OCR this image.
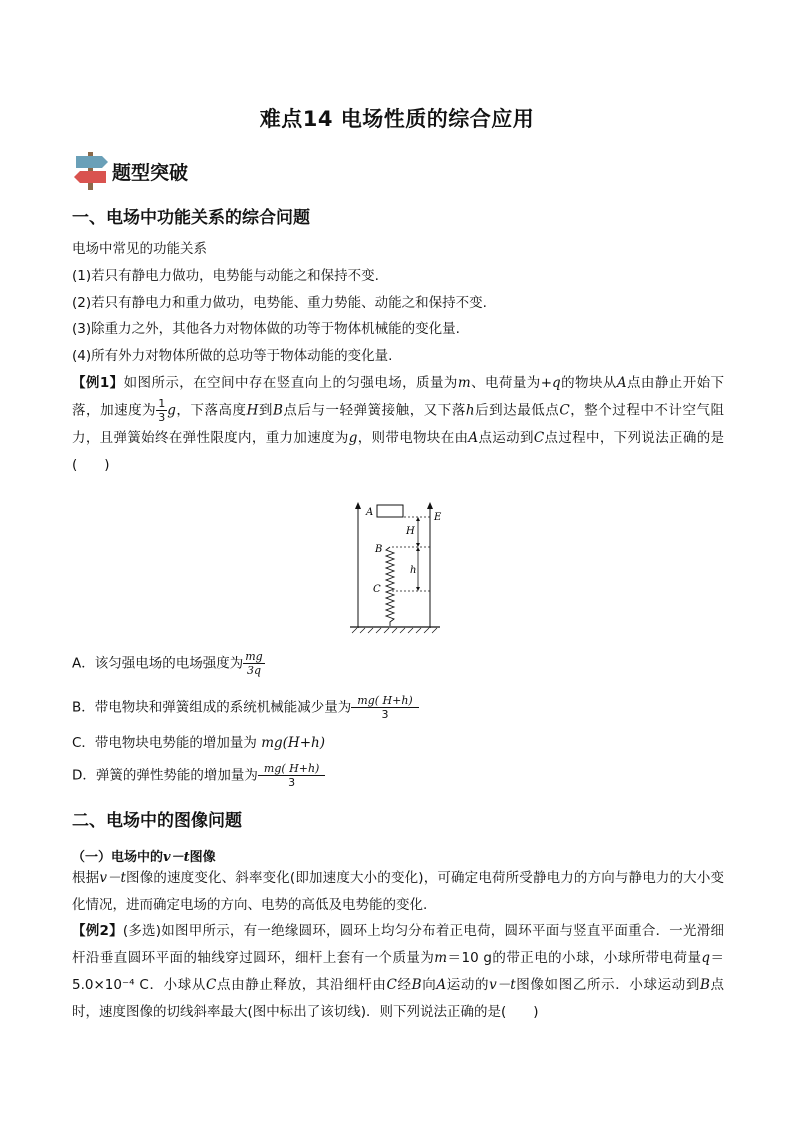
难点14 电场性质的综合应用
题型突破
一、电场中功能关系的综合问题
电场中常见的功能关系
(1)若只有静电力做功，电势能与动能之和保持不变.
(2)若只有静电力和重力做功，电势能、重力势能、动能之和保持不变.
(3)除重力之外，其他各力对物体做的功等于物体机械能的变化量.
(4)所有外力对物体所做的总功等于物体动能的变化量.
【例1】如图所示，在空间中存在竖直向上的匀强电场，质量为m、电荷量为+q的物块从A点由静止开始下落，加速度为 $\frac{1}{3}$ g，下落高度H到B点后与一轻弹簧接触，又下落h后到达最低点C，整个过程中不计空气阻力，且弹簧始终在弹性限度内，重力加速度为g，则带电物块在由A点运动到C点过程中，下列说法正确的是(　　)
A
B
C
E
H
h
A．该匀强电场的电场强度为 $\frac{mg}{3q}$
B．带电物块和弹簧组成的系统机械能减少量为 $\frac{mg( H+h)}{3}$
C．带电物块电势能的增加量为 mg(H+h)
D．弹簧的弹性势能的增加量为 $\frac{mg( H+h)}{3}$
二、电场中的图像问题
（一）电场中的v－t图像
根据v－t图像的速度变化、斜率变化(即加速度大小的变化)，可确定电荷所受静电力的方向与静电力的大小变化情况，进而确定电场的方向、电势的高低及电势能的变化.
【例2】(多选)如图甲所示，有一绝缘圆环，圆环上均匀分布着正电荷，圆环平面与竖直平面重合．一光滑细杆沿垂直圆环平面的轴线穿过圆环，细杆上套有一个质量为m＝10 g的带正电的小球，小球所带电荷量q＝5.0×10⁻⁴ C．小球从C点由静止释放，其沿细杆由C经B向A运动的v－t图像如图乙所示．小球运动到B点时，速度图像的切线斜率最大(图中标出了该切线)．则下列说法正确的是(　　)
